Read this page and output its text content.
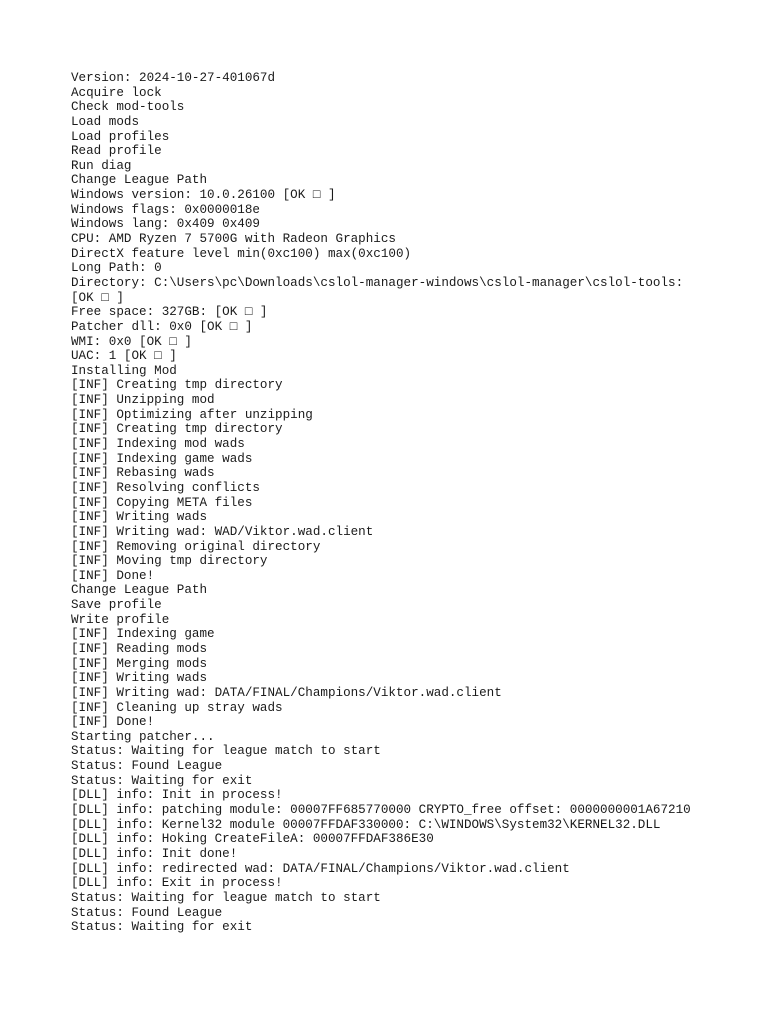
Version: 2024-10-27-401067d
Acquire lock
Check mod-tools
Load mods
Load profiles
Read profile
Run diag
Change League Path
Windows version: 10.0.26100 [OK □ ]
Windows flags: 0x0000018e
Windows lang: 0x409 0x409
CPU: AMD Ryzen 7 5700G with Radeon Graphics
DirectX feature level min(0xc100) max(0xc100)
Long Path: 0
Directory: C:\Users\pc\Downloads\cslol-manager-windows\cslol-manager\cslol-tools:
[OK □ ]
Free space: 327GB: [OK □ ]
Patcher dll: 0x0 [OK □ ]
WMI: 0x0 [OK □ ]
UAC: 1 [OK □ ]
Installing Mod
[INF] Creating tmp directory
[INF] Unzipping mod
[INF] Optimizing after unzipping
[INF] Creating tmp directory
[INF] Indexing mod wads
[INF] Indexing game wads
[INF] Rebasing wads
[INF] Resolving conflicts
[INF] Copying META files
[INF] Writing wads
[INF] Writing wad: WAD/Viktor.wad.client
[INF] Removing original directory
[INF] Moving tmp directory
[INF] Done!
Change League Path
Save profile
Write profile
[INF] Indexing game
[INF] Reading mods
[INF] Merging mods
[INF] Writing wads
[INF] Writing wad: DATA/FINAL/Champions/Viktor.wad.client
[INF] Cleaning up stray wads
[INF] Done!
Starting patcher...
Status: Waiting for league match to start
Status: Found League
Status: Waiting for exit
[DLL] info: Init in process!
[DLL] info: patching module: 00007FF685770000 CRYPTO_free offset: 0000000001A67210
[DLL] info: Kernel32 module 00007FFDAF330000: C:\WINDOWS\System32\KERNEL32.DLL
[DLL] info: Hoking CreateFileA: 00007FFDAF386E30
[DLL] info: Init done!
[DLL] info: redirected wad: DATA/FINAL/Champions/Viktor.wad.client
[DLL] info: Exit in process!
Status: Waiting for league match to start
Status: Found League
Status: Waiting for exit
